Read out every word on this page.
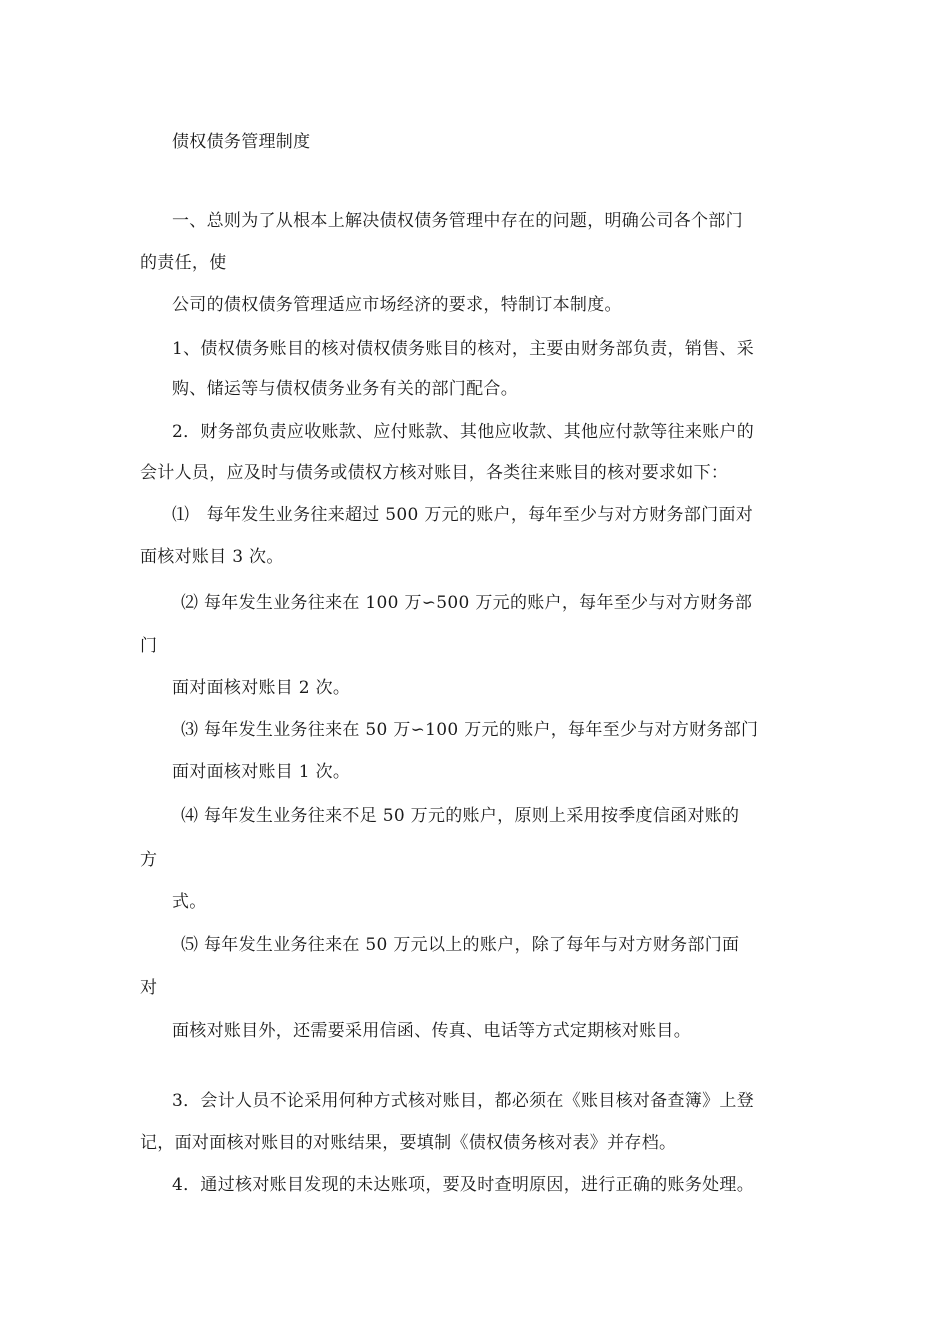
债权债务管理制度
一、总则为了从根本上解决债权债务管理中存在的问题，明确公司各个部门
的责任，使
公司的债权债务管理适应市场经济的要求，特制订本制度。
1、债权债务账目的核对债权债务账目的核对，主要由财务部负责，销售、采
购、储运等与债权债务业务有关的部门配合。
2．财务部负责应收账款、应付账款、其他应收款、其他应付款等往来账户的
会计人员，应及时与债务或债权方核对账目，各类往来账目的核对要求如下：
⑴　每年发生业务往来超过 500 万元的账户，每年至少与对方财务部门面对
面核对账目 3 次。
⑵ 每年发生业务往来在 100 万∽500 万元的账户，每年至少与对方财务部
门
面对面核对账目 2 次。
⑶ 每年发生业务往来在 50 万∽100 万元的账户，每年至少与对方财务部门
面对面核对账目 1 次。
⑷ 每年发生业务往来不足 50 万元的账户，原则上采用按季度信函对账的
方
式。
⑸ 每年发生业务往来在 50 万元以上的账户，除了每年与对方财务部门面
对
面核对账目外，还需要采用信函、传真、电话等方式定期核对账目。
3．会计人员不论采用何种方式核对账目，都必须在《账目核对备查簿》上登
记，面对面核对账目的对账结果，要填制《债权债务核对表》并存档。
4．通过核对账目发现的未达账项，要及时查明原因，进行正确的账务处理。
